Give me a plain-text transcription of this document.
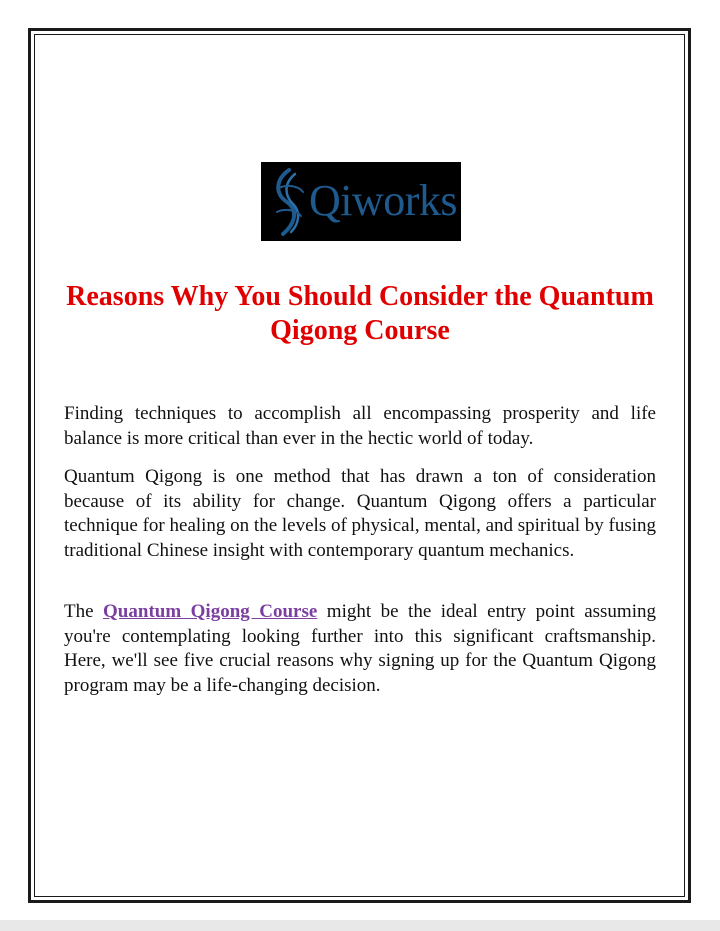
Qiworks
Reasons Why You Should Consider the Quantum Qigong Course

Finding techniques to accomplish all encompassing prosperity and life balance is more critical than ever in the hectic world of today.

Quantum Qigong is one method that has drawn a ton of consideration because of its ability for change. Quantum Qigong offers a particular technique for healing on the levels of physical, mental, and spiritual by fusing traditional Chinese insight with contemporary quantum mechanics.

The Quantum Qigong Course might be the ideal entry point assuming you're contemplating looking further into this significant craftsmanship. Here, we'll see five crucial reasons why signing up for the Quantum Qigong program may be a life-changing decision.
